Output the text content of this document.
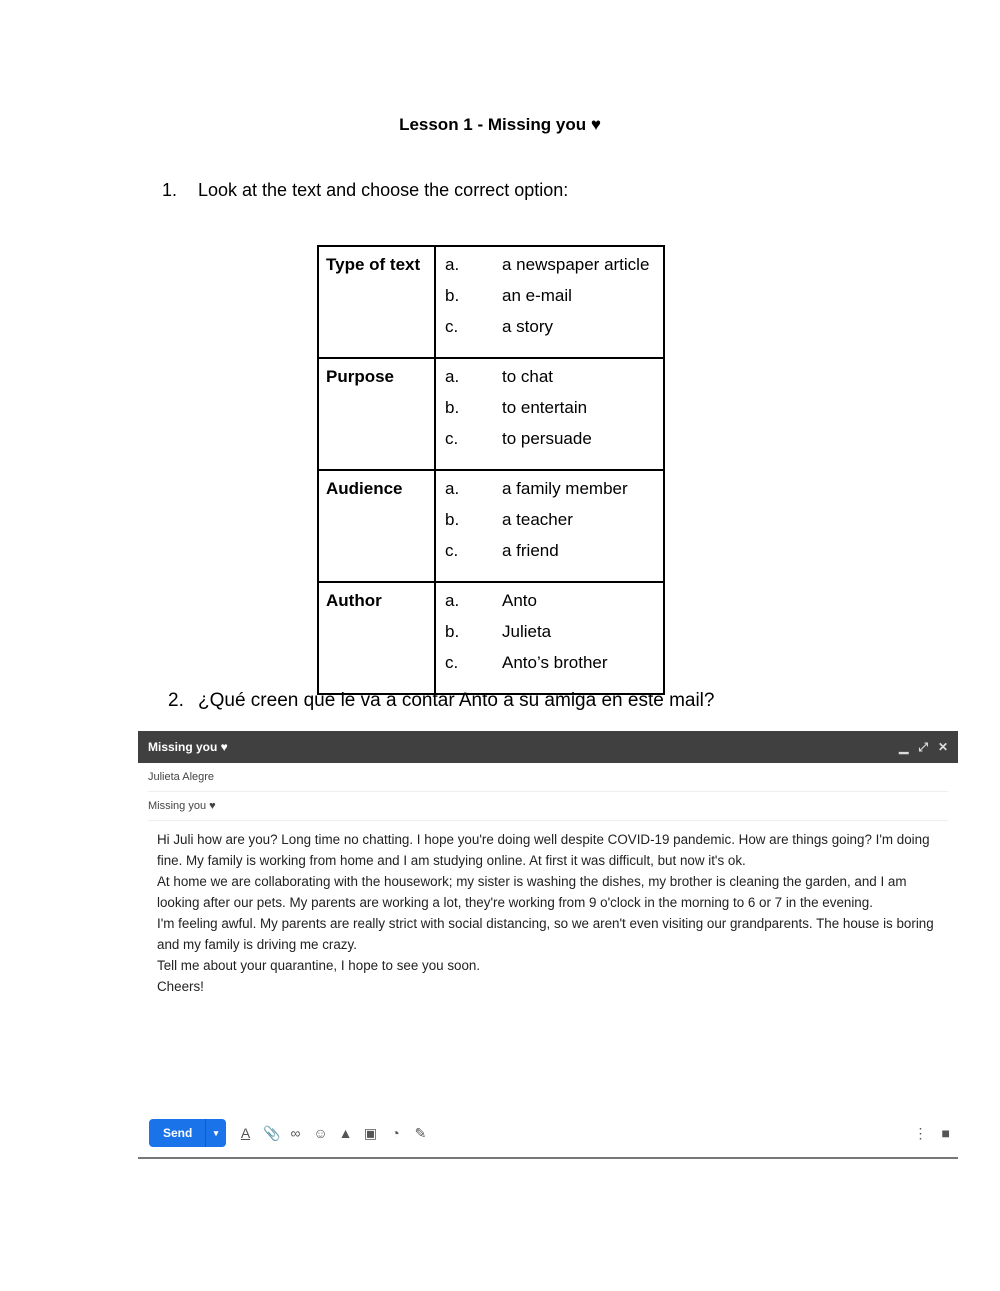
Lesson 1 - Missing you ♥
1. Look at the text and choose the correct option:
Type of text	a. a newspaper article
b. an e-mail
c. a story

Purpose	a. to chat
b. to entertain
c. to persuade

Audience	a. a family member
b. a teacher
c. a friend

Author	a. Anto
b. Julieta
c. Anto’s brother
2. ¿Qué creen que le va a contar Anto a su amiga en este mail?
Missing you ♥	▁ ⤢ ✕
Julieta Alegre
Missing you ♥

Hi Juli how are you? Long time no chatting. I hope you're doing well despite COVID-19 pandemic. How are things going? I'm doing fine. My family is working from home and I am studying online. At first it was difficult, but now it's ok.

At home we are collaborating with the housework; my sister is washing the dishes, my brother is cleaning the garden, and I am looking after our pets. My parents are working a lot, they're working from 9 o'clock in the morning to 6 or 7 in the evening.

I'm feeling awful. My parents are really strict with social distancing, so we aren't even visiting our grandparents. The house is boring and my family is driving me crazy.

Tell me about your quarantine, I hope to see you soon.

Cheers!

Send	▾	A 📎 ∞ ☺ ▲ ▣ ◔ ✎	⋮ ■
